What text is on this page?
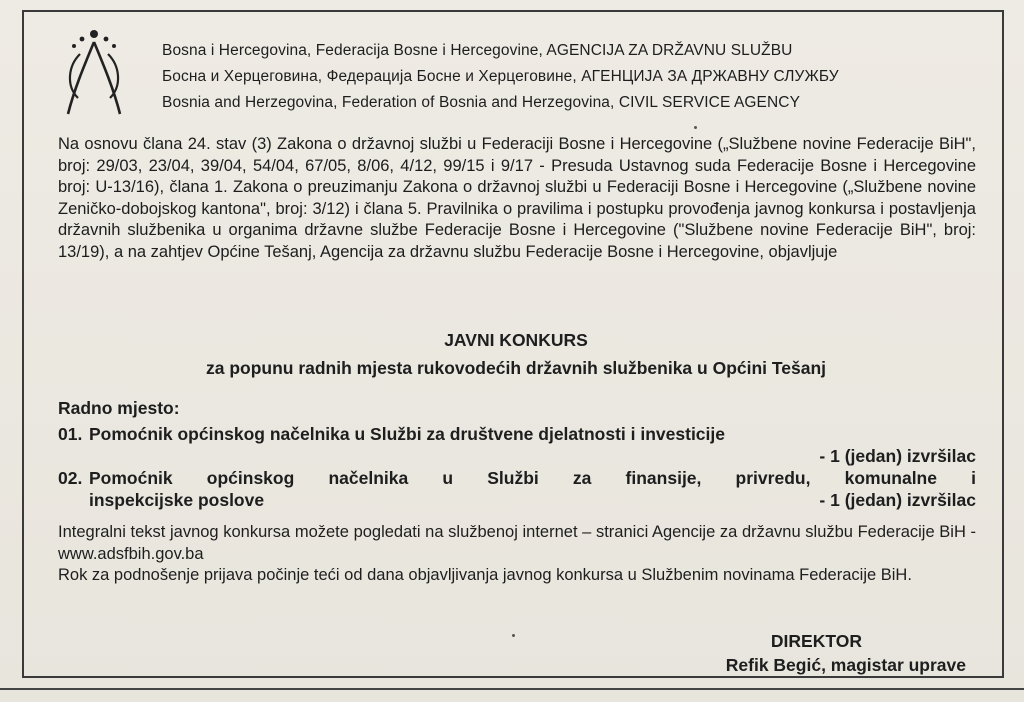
Bosna i Hercegovina, Federacija Bosne i Hercegovine, AGENCIJA ZA DRŽAVNU SLUŽBU
Босна и Херцеговина, Федерација Босне и Херцеговине, АГЕНЦИЈА ЗА ДРЖАВНУ СЛУЖБУ
Bosnia and Herzegovina, Federation of Bosnia and Herzegovina, CIVIL SERVICE AGENCY
Na osnovu člana 24. stav (3) Zakona o državnoj službi u Federaciji Bosne i Hercegovine („Službene novine Federacije BiH", broj: 29/03, 23/04, 39/04, 54/04, 67/05, 8/06, 4/12, 99/15 i 9/17 - Presuda Ustavnog suda Federacije Bosne i Hercegovine broj: U-13/16), člana 1. Zakona o preuzimanju Zakona o državnoj službi u Federaciji Bosne i Hercegovine („Službene novine Zeničko-dobojskog kantona", broj: 3/12) i člana 5. Pravilnika o pravilima i postupku provođenja javnog konkursa i postavljenja državnih službenika u organima državne službe Federacije Bosne i Hercegovine ("Službene novine Federacije BiH", broj: 13/19), a na zahtjev Općine Tešanj, Agencija za državnu službu Federacije Bosne i Hercegovine, objavljuje
JAVNI KONKURS
za popunu radnih mjesta rukovodećih državnih službenika u Općini Tešanj
Radno mjesto:
01. Pomoćnik općinskog načelnika u Službi za društvene djelatnosti i investicije
- 1 (jedan) izvršilac
02. Pomoćnik općinskog načelnika u Službi za finansije, privredu, komunalne i
inspekcijske poslove	- 1 (jedan) izvršilac
Integralni tekst javnog konkursa možete pogledati na službenoj internet – stranici Agencije za državnu službu Federacije BiH - www.adsfbih.gov.ba
Rok za podnošenje prijava počinje teći od dana objavljivanja javnog konkursa u Službenim novinama Federacije BiH.
DIREKTOR
Refik Begić, magistar uprave
